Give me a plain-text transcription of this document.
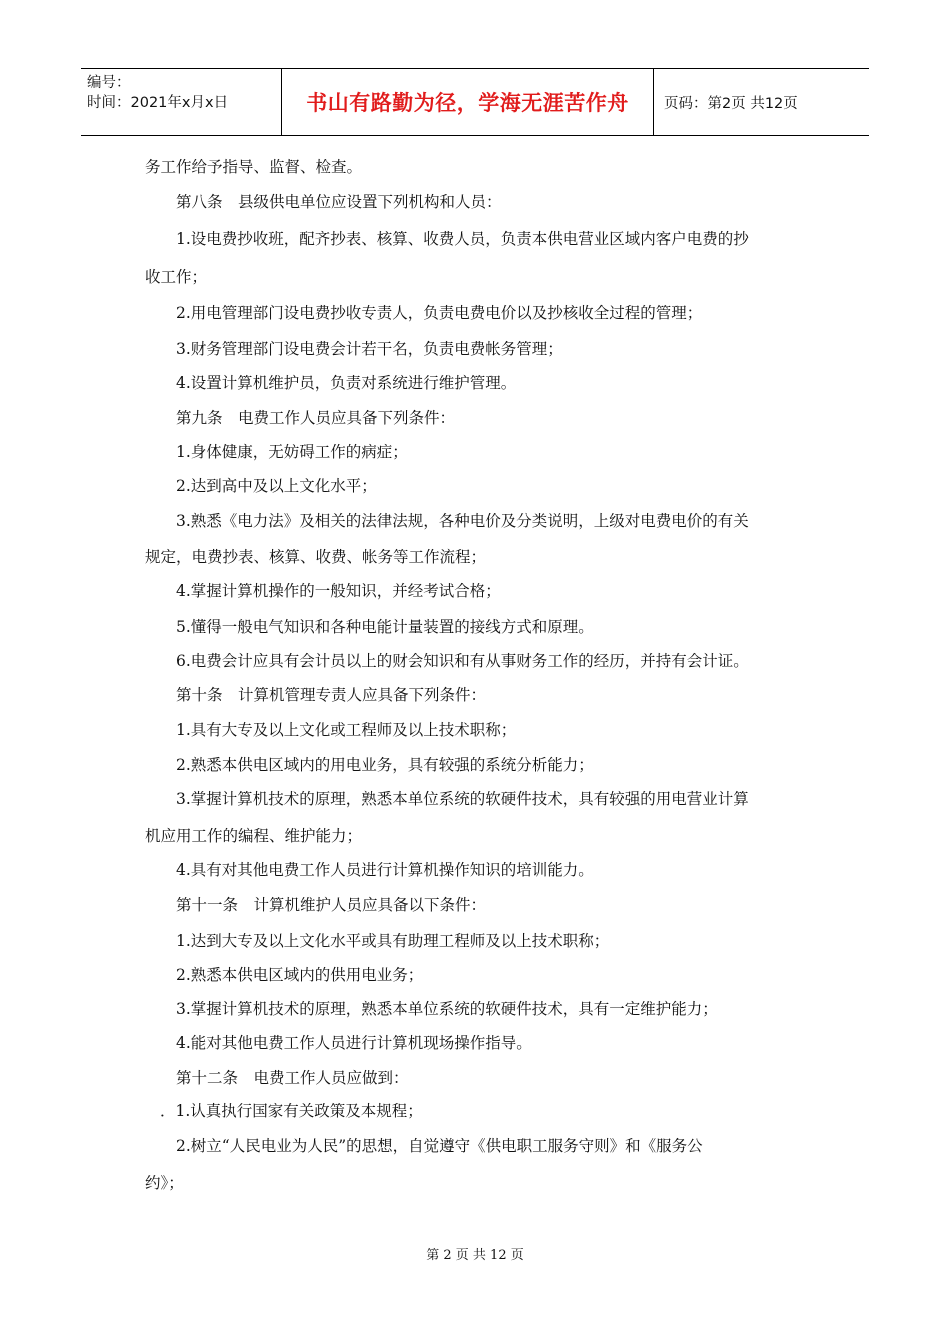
编号：
时间：2021年x月x日	书山有路勤为径，学海无涯苦作舟	页码：第2页 共12页
务工作给予指导、监督、检查。
　　第八条　县级供电单位应设置下列机构和人员：
　　1.设电费抄收班，配齐抄表、核算、收费人员，负责本供电营业区域内客户电费的抄
收工作；
　　2.用电管理部门设电费抄收专责人，负责电费电价以及抄核收全过程的管理；
　　3.财务管理部门设电费会计若干名，负责电费帐务管理；
　　4.设置计算机维护员，负责对系统进行维护管理。
　　第九条　电费工作人员应具备下列条件：
　　1.身体健康，无妨碍工作的病症；
　　2.达到高中及以上文化水平；
　　3.熟悉《电力法》及相关的法律法规，各种电价及分类说明，上级对电费电价的有关
规定，电费抄表、核算、收费、帐务等工作流程；
　　4.掌握计算机操作的一般知识，并经考试合格；
　　5.懂得一般电气知识和各种电能计量装置的接线方式和原理。
　　6.电费会计应具有会计员以上的财会知识和有从事财务工作的经历，并持有会计证。
　　第十条　计算机管理专责人应具备下列条件：
　　1.具有大专及以上文化或工程师及以上技术职称；
　　2.熟悉本供电区域内的用电业务，具有较强的系统分析能力；
　　3.掌握计算机技术的原理，熟悉本单位系统的软硬件技术，具有较强的用电营业计算
机应用工作的编程、维护能力；
　　4.具有对其他电费工作人员进行计算机操作知识的培训能力。
　　第十一条　计算机维护人员应具备以下条件：
　　1.达到大专及以上文化水平或具有助理工程师及以上技术职称；
　　2.熟悉本供电区域内的供用电业务；
　　3.掌握计算机技术的原理，熟悉本单位系统的软硬件技术，具有一定维护能力；
　　4.能对其他电费工作人员进行计算机现场操作指导。
　　第十二条　电费工作人员应做到：
．1.认真执行国家有关政策及本规程；
　　2.树立“人民电业为人民”的思想，自觉遵守《供电职工服务守则》和《服务公
约》；
第 2 页 共 12 页
